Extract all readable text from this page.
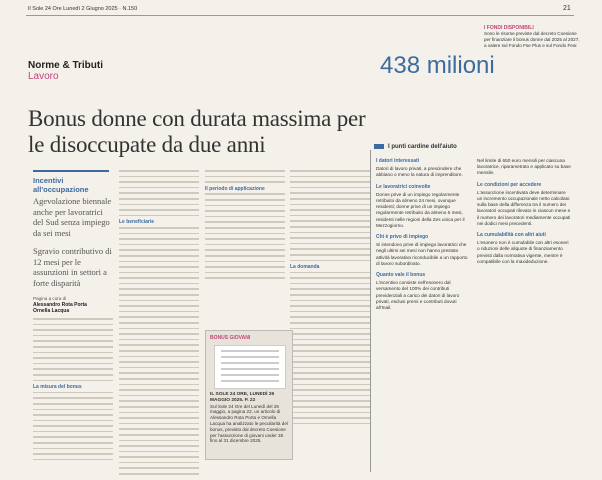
Il Sole 24 Ore Lunedì 2 Giugno 2025 · N.150	21
I FONDI DISPONIBILI
Sono le risorse previste dal decreto Coesione per finanziare il bonus donne dal 2025 al 2027, a valere sul Fondo Fse Plus e sul Fondo Fesr.
Norme & Tributi
Lavoro	438 milioni
Bonus donne con durata massima per le disoccupate da due anni
Incentivi all'occupazione

Agevolazione biennale anche per lavoratrici del Sud senza impiego da sei mesi

Sgravio contributivo di 12 mesi per le assunzioni in settori a forte disparità

Pagina a cura di
Alessandro Rota Porta
Ornella Lacqua
La misura del bonus
Le beneficiarie
Il periodo di applicazione
La domanda
BONUS GIOVANI
IL SOLE 24 ORE, LUNEDÌ 26 MAGGIO 2025. P. 22
Sul Sole 24 Ore del Lunedì del 26 maggio, a pagina 22, un articolo di Alessandro Rota Porta e Ornella Lacqua ha analizzato le peculiarità del bonus, previsto dal decreto Coesione per l'assunzione di giovani under 35 fino al 31 dicembre 2025.
I punti cardine dell'aiuto
I datori interessati

Datori di lavoro privati, a prescindere che abbiano o meno la natura di imprenditore.

Le lavoratrici coinvolte

Donne prive di un impiego regolarmente retribuito da almeno 24 mesi, ovunque residenti; donne prive di un impiego regolarmente retribuito da almeno 6 mesi, residenti nelle regioni della Zes unica per il Mezzogiorno.

Chi è privo di impiego

Si intendono prive di impiego lavoratrici che negli ultimi sei mesi non hanno prestato attività lavorativa riconducibile a un rapporto di lavoro subordinato.

Quanto vale il bonus

L'incentivo consiste nell'esonero dal versamento del 100% dei contributi previdenziali a carico dei datori di lavoro privati, esclusi premi e contributi dovuti all'Inail.

Nel limite di 650 euro mensili per ciascuna lavoratrice, riparametrato e applicato su base mensile.

Le condizioni per accedere

L'assunzione incentivata deve determinare un incremento occupazionale netto calcolato sulla base della differenza tra il numero dei lavoratori occupati rilevato in ciascun mese e il numero dei lavoratori mediamente occupati nei dodici mesi precedenti.

La cumulabilità con altri aiuti

L'esonero non è cumulabile con altri esoneri o riduzioni delle aliquote di finanziamento previsti dalla normativa vigente, mentre è compatibile con la maxideduzione.
